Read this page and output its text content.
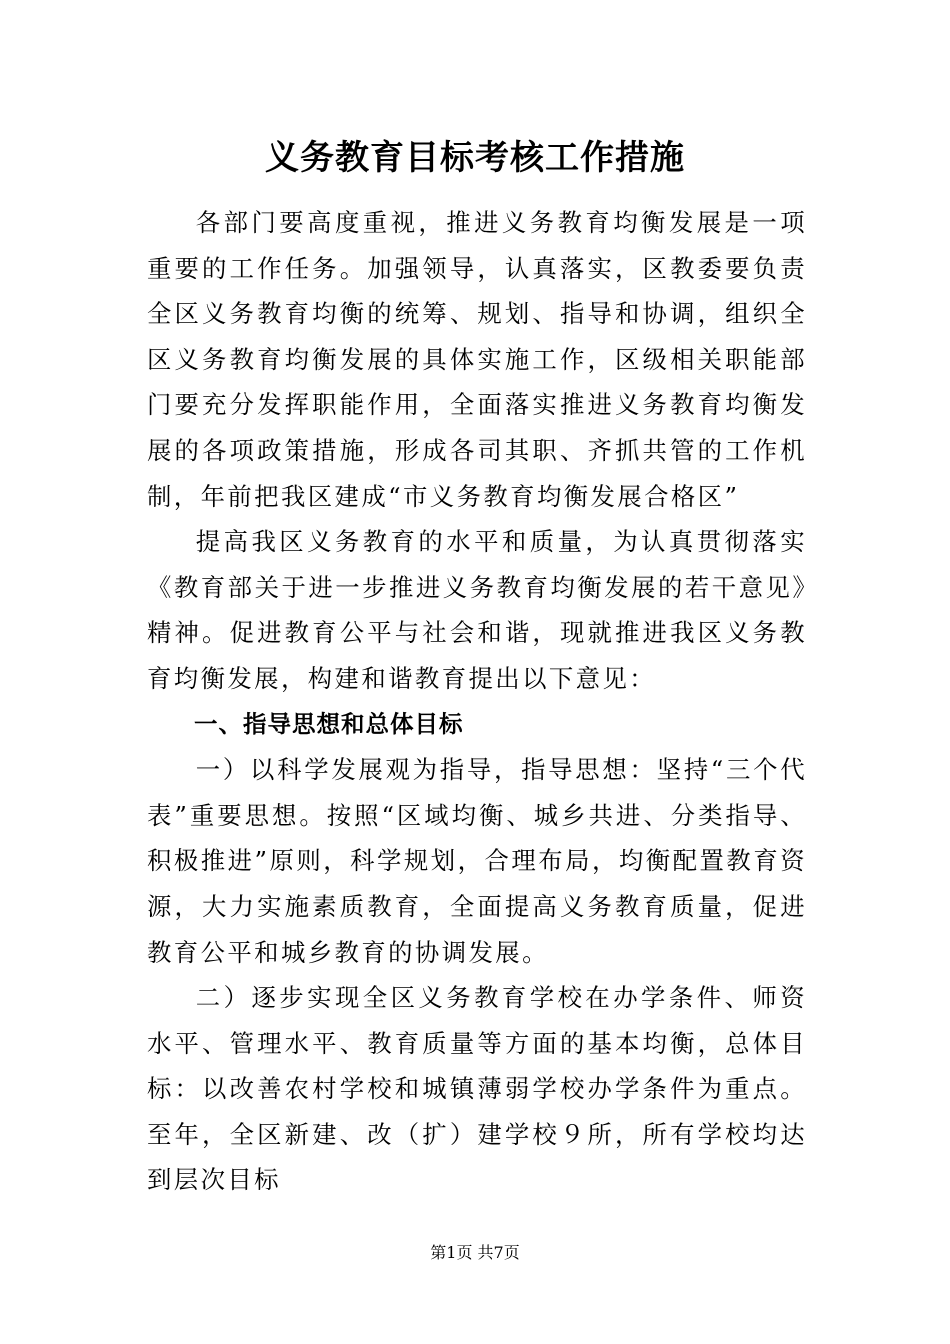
义务教育目标考核工作措施

各部门要高度重视，推进义务教育均衡发展是一项重要的工作任务。加强领导，认真落实，区教委要负责全区义务教育均衡的统筹、规划、指导和协调，组织全区义务教育均衡发展的具体实施工作，区级相关职能部门要充分发挥职能作用，全面落实推进义务教育均衡发展的各项政策措施，形成各司其职、齐抓共管的工作机制，年前把我区建成“市义务教育均衡发展合格区”

提高我区义务教育的水平和质量，为认真贯彻落实《教育部关于进一步推进义务教育均衡发展的若干意见》精神。促进教育公平与社会和谐，现就推进我区义务教育均衡发展，构建和谐教育提出以下意见：

一、指导思想和总体目标

一）以科学发展观为指导，指导思想：坚持“三个代表”重要思想。按照“区域均衡、城乡共进、分类指导、积极推进”原则，科学规划，合理布局，均衡配置教育资源，大力实施素质教育，全面提高义务教育质量，促进教育公平和城乡教育的协调发展。

二）逐步实现全区义务教育学校在办学条件、师资水平、管理水平、教育质量等方面的基本均衡，总体目标：以改善农村学校和城镇薄弱学校办学条件为重点。至年，全区新建、改（扩）建学校９所，所有学校均达到层次目标

第1页 共7页
